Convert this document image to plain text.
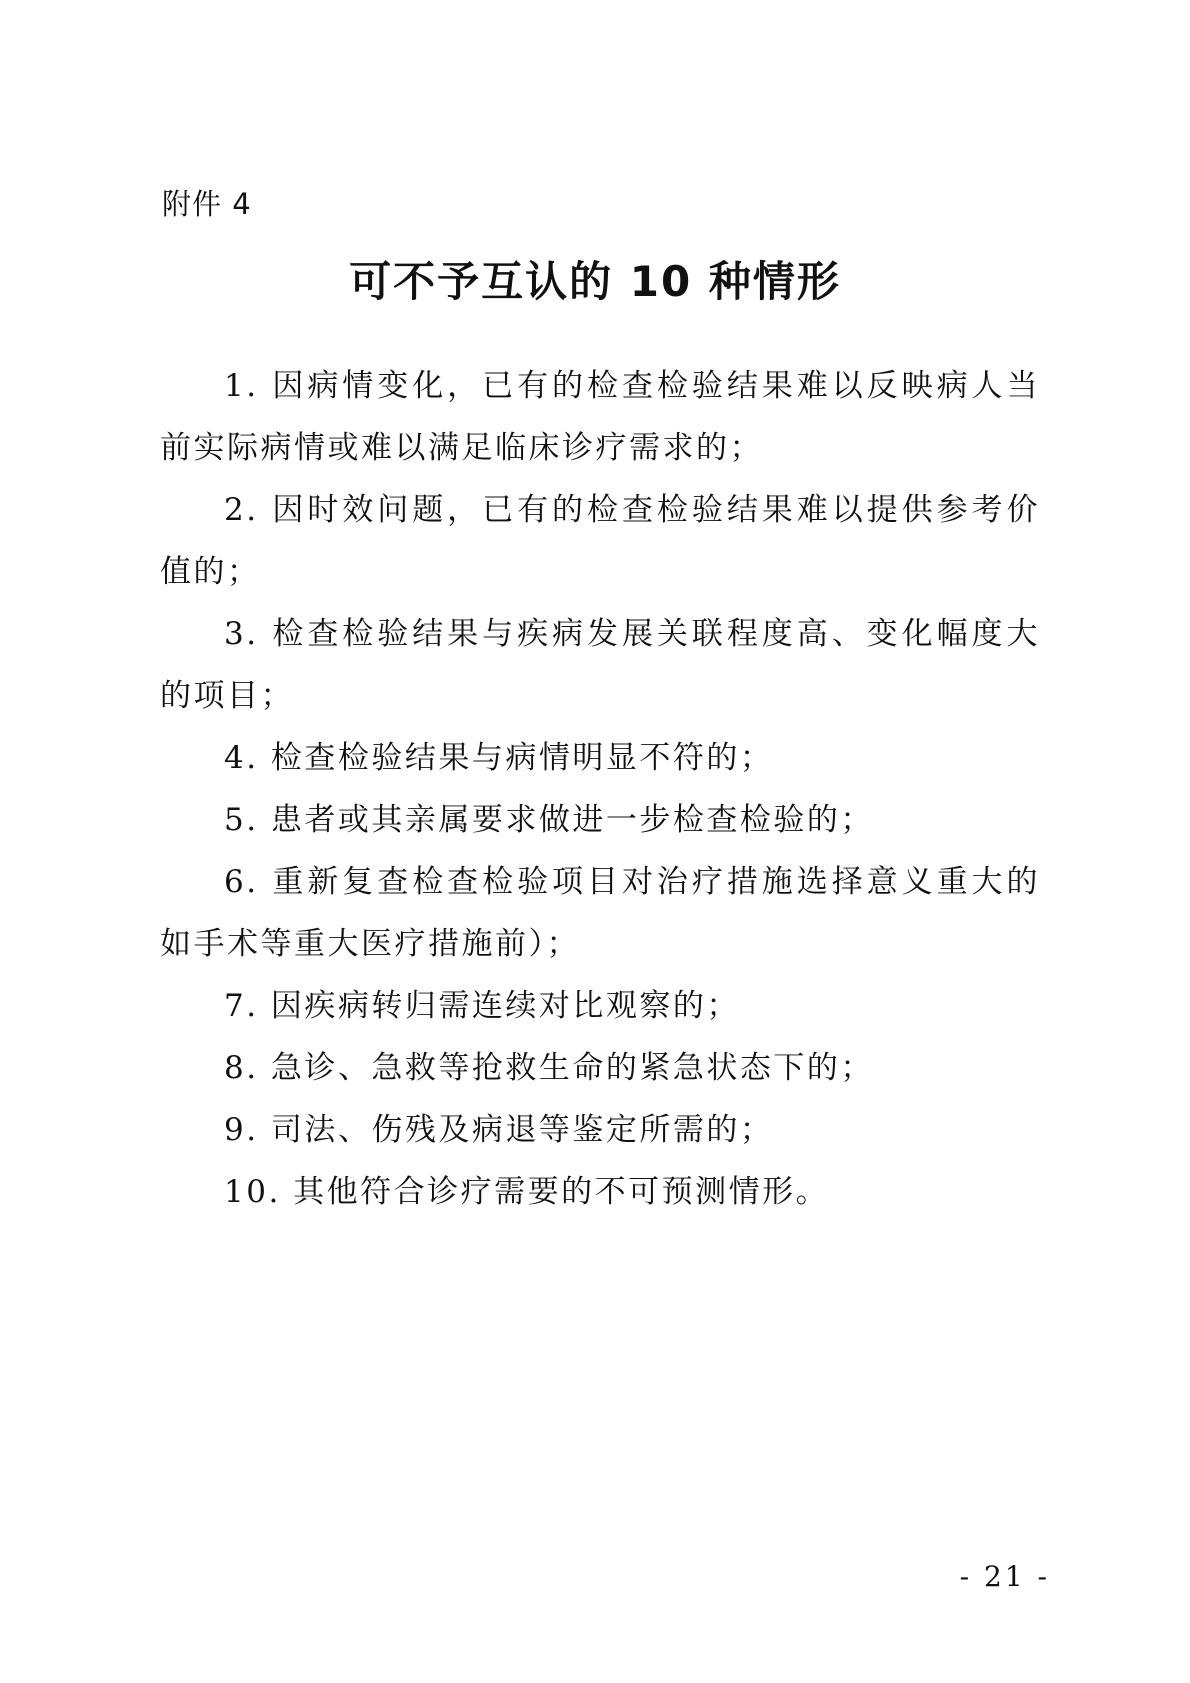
附件 4
可不予互认的 10 种情形

1. 因病情变化，已有的检查检验结果难以反映病人当前实际病情或难以满足临床诊疗需求的；

2. 因时效问题，已有的检查检验结果难以提供参考价值的；

3. 检查检验结果与疾病发展关联程度高、变化幅度大的项目；

4. 检查检验结果与病情明显不符的；

5. 患者或其亲属要求做进一步检查检验的；

6. 重新复查检查检验项目对治疗措施选择意义重大的如手术等重大医疗措施前）；

7. 因疾病转归需连续对比观察的；

8. 急诊、急救等抢救生命的紧急状态下的；

9. 司法、伤残及病退等鉴定所需的；

10. 其他符合诊疗需要的不可预测情形。

- 21 -
